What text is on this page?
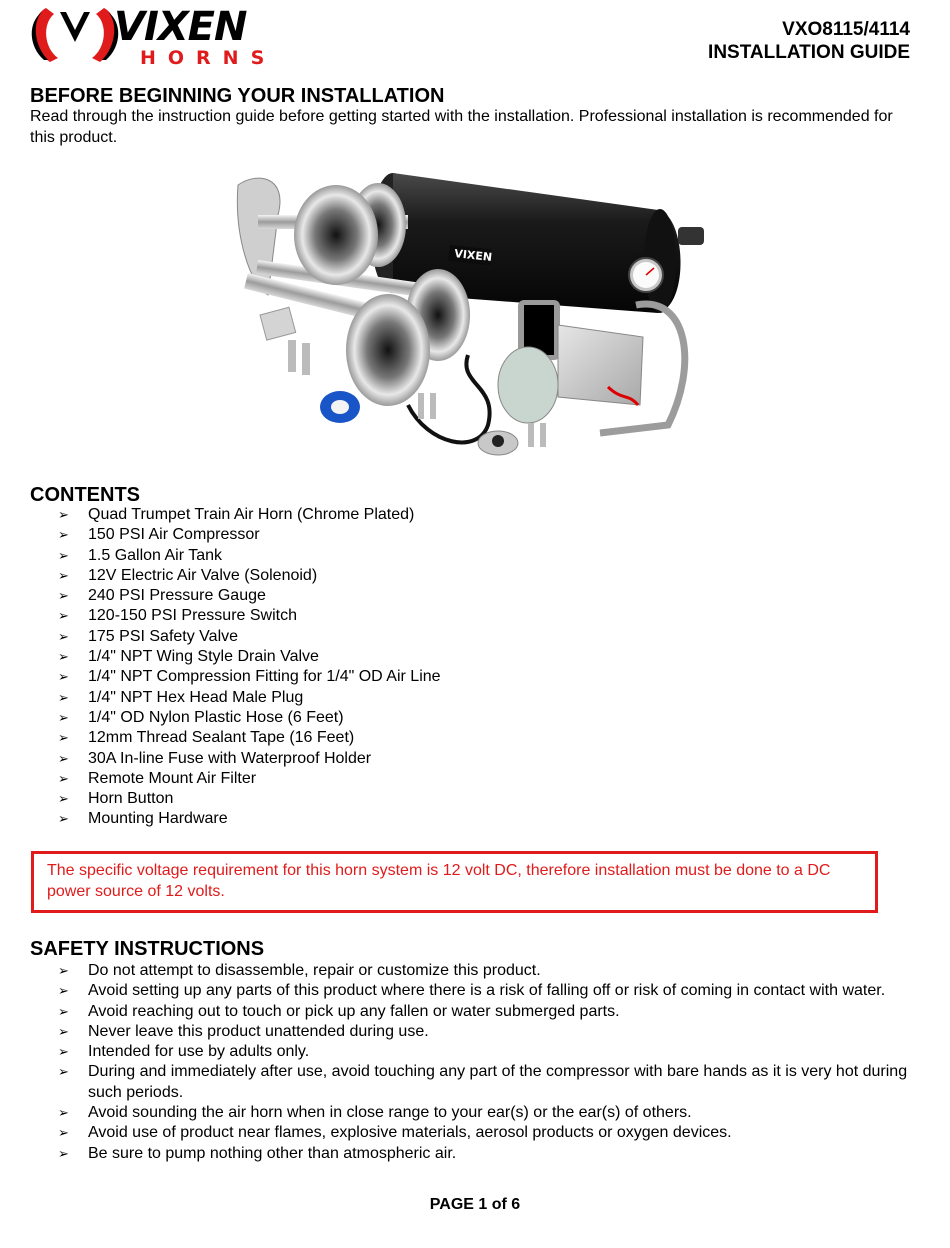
VIXEN
HORNS
VXO8115/4114
INSTALLATION GUIDE
BEFORE BEGINNING YOUR INSTALLATION

Read through the instruction guide before getting started with the installation. Professional installation is recommended for this product.

VIXEN
CONTENTS
➢ Quad Trumpet Train Air Horn (Chrome Plated)
➢ 150 PSI Air Compressor
➢ 1.5 Gallon Air Tank
➢ 12V Electric Air Valve (Solenoid)
➢ 240 PSI Pressure Gauge
➢ 120-150 PSI Pressure Switch
➢ 175 PSI Safety Valve
➢ 1/4" NPT Wing Style Drain Valve
➢ 1/4" NPT Compression Fitting for 1/4" OD Air Line
➢ 1/4" NPT Hex Head Male Plug
➢ 1/4" OD Nylon Plastic Hose (6 Feet)
➢ 12mm Thread Sealant Tape (16 Feet)
➢ 30A In-line Fuse with Waterproof Holder
➢ Remote Mount Air Filter
➢ Horn Button
➢ Mounting Hardware
The specific voltage requirement for this horn system is 12 volt DC, therefore installation must be done to a DC power source of 12 volts.
SAFETY INSTRUCTIONS
➢ Do not attempt to disassemble, repair or customize this product.
➢ Avoid setting up any parts of this product where there is a risk of falling off or risk of coming in contact with water.
➢ Avoid reaching out to touch or pick up any fallen or water submerged parts.
➢ Never leave this product unattended during use.
➢ Intended for use by adults only.
➢ During and immediately after use, avoid touching any part of the compressor with bare hands as it is very hot during such periods.
➢ Avoid sounding the air horn when in close range to your ear(s) or the ear(s) of others.
➢ Avoid use of product near flames, explosive materials, aerosol products or oxygen devices.
➢ Be sure to pump nothing other than atmospheric air.
PAGE 1 of 6
